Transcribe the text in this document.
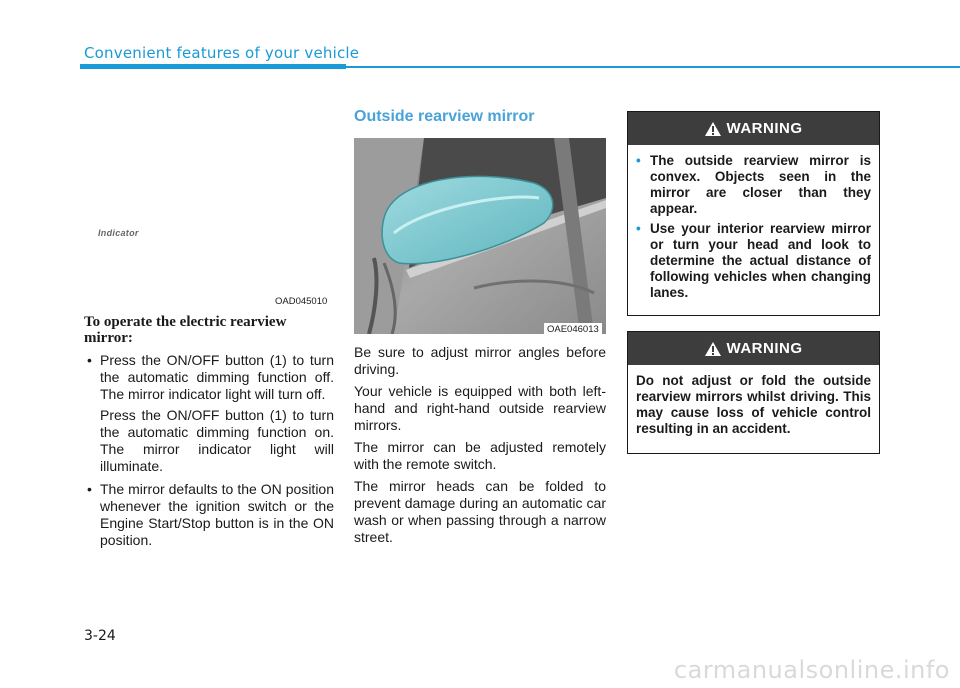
Convenient features of your vehicle
Indicator
OAD045010
To operate the electric rearview mirror:

• Press the ON/OFF button (1) to turn the automatic dimming function off. The mirror indicator light will turn off.

Press the ON/OFF button (1) to turn the automatic dimming function on. The mirror indicator light will illuminate.

• The mirror defaults to the ON position whenever the ignition switch or the Engine Start/Stop button is in the ON position.

Outside rearview mirror
OAE046013

Be sure to adjust mirror angles before driving.

Your vehicle is equipped with both left-hand and right-hand outside rearview mirrors.

The mirror can be adjusted remotely with the remote switch.

The mirror heads can be folded to prevent damage during an automatic car wash or when passing through a narrow street.

WARNING

• The outside rearview mirror is convex. Objects seen in the mirror are closer than they appear.

• Use your interior rearview mirror or turn your head and look to determine the actual distance of following vehicles when changing lanes.

WARNING

Do not adjust or fold the outside rearview mirrors whilst driving. This may cause loss of vehicle control resulting in an accident.

3-24
carmanualsonline.info
